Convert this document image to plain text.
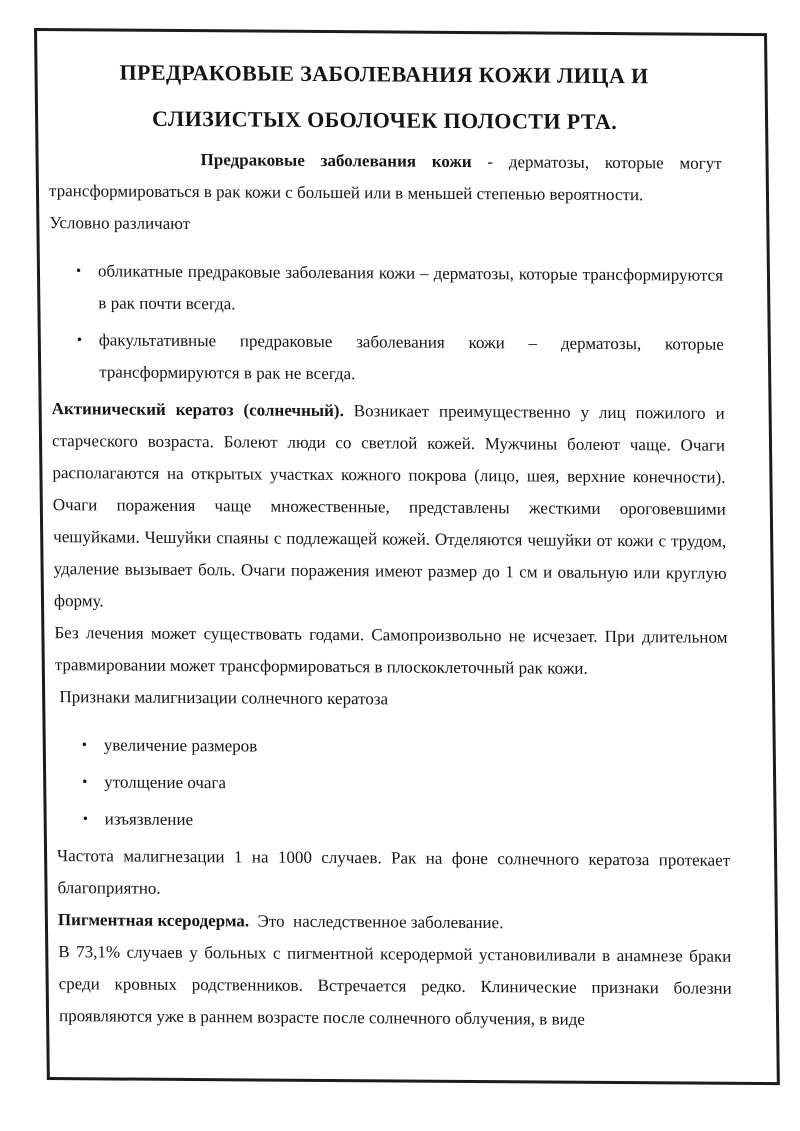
ПРЕДРАКОВЫЕ ЗАБОЛЕВАНИЯ КОЖИ ЛИЦА И
СЛИЗИСТЫХ ОБОЛОЧЕК ПОЛОСТИ РТА.

Предраковые заболевания кожи - дерматозы, которые могут трансформироваться в рак кожи с большей или в меньшей степенью вероятности.

Условно различают

• обликатные предраковые заболевания кожи – дерматозы, которые трансформируются в рак почти всегда.
• факультативные предраковые заболевания кожи – дерматозы, которые трансформируются в рак не всегда.

Актинический кератоз (солнечный). Возникает преимущественно у лиц пожилого и старческого возраста. Болеют люди со светлой кожей. Мужчины болеют чаще. Очаги располагаются на открытых участках кожного покрова (лицо, шея, верхние конечности). Очаги поражения чаще множественные, представлены жесткими ороговевшими чешуйками. Чешуйки спаяны с подлежащей кожей. Отделяются чешуйки от кожи с трудом, удаление вызывает боль. Очаги поражения имеют размер до 1 см и овальную или круглую форму.

Без лечения может существовать годами. Самопроизвольно не исчезает. При длительном травмировании может трансформироваться в плоскоклеточный рак кожи.

Признаки малигнизации солнечного кератоза

• увеличение размеров
• утолщение очага
• изъязвление

Частота малигнезации 1 на 1000 случаев. Рак на фоне солнечного кератоза протекает благоприятно.

Пигментная ксеродерма.  Это  наследственное заболевание.

В 73,1% случаев у больных с пигментной ксеродермой установиливали в анамнезе браки среди кровных родственников. Встречается редко. Клинические признаки болезни проявляются уже в раннем возрасте после солнечного облучения, в виде
